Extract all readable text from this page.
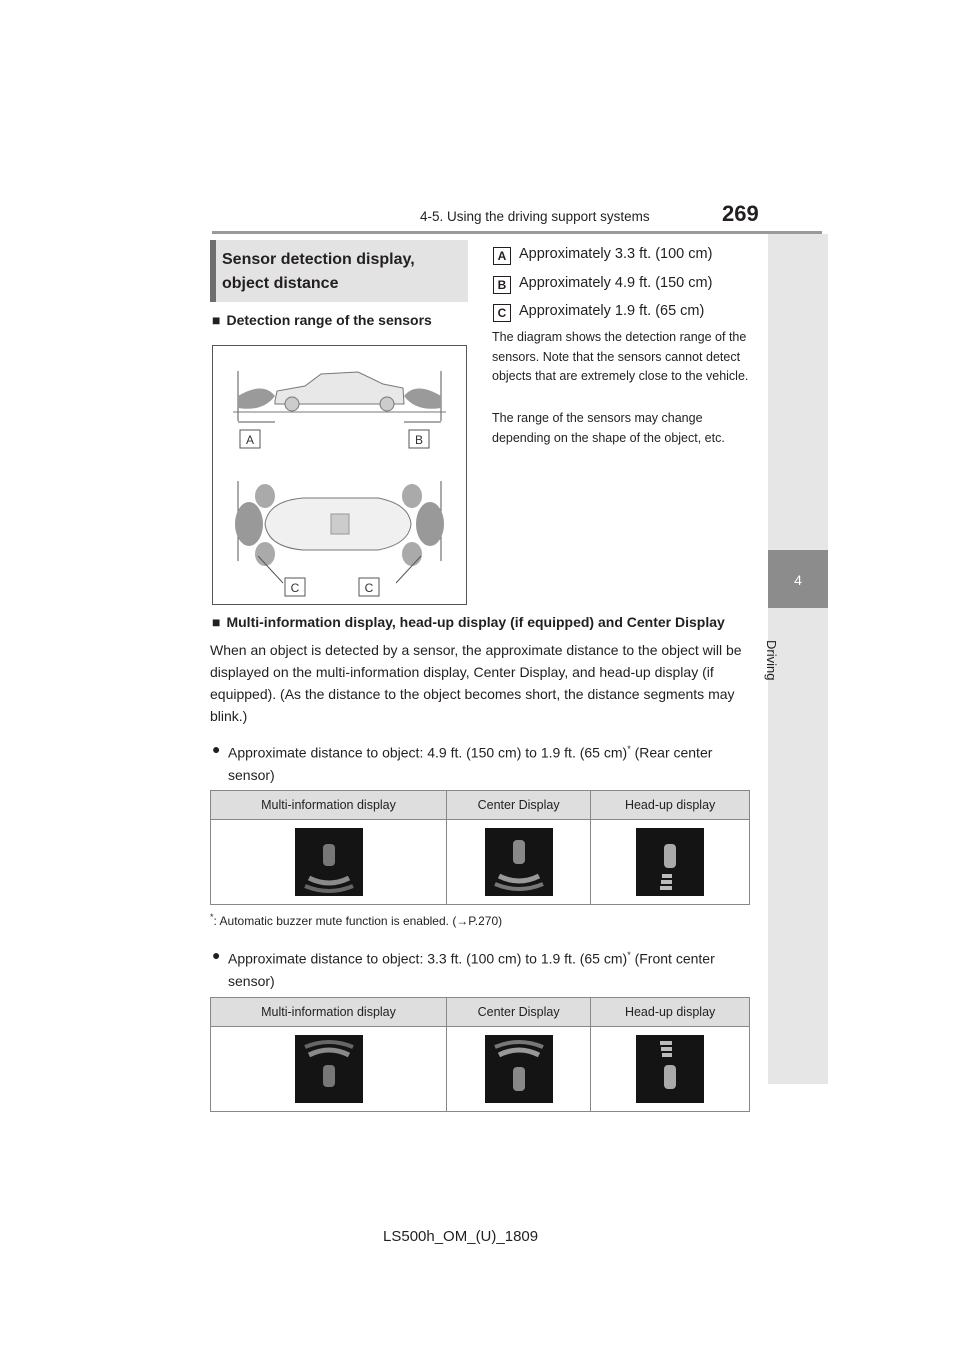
4-5. Using the driving support systems	269
4
Driving
Sensor detection display, object distance
■ Detection range of the sensors
A Approximately 3.3 ft. (100 cm)
B Approximately 4.9 ft. (150 cm)
C Approximately 1.9 ft. (65 cm)
The diagram shows the detection range of the sensors. Note that the sensors cannot detect objects that are extremely close to the vehicle.
The range of the sensors may change depending on the shape of the object, etc.
A	B
C	C
■ Multi-information display, head-up display (if equipped) and Center Display
When an object is detected by a sensor, the approximate distance to the object will be displayed on the multi-information display, Center Display, and head-up display (if equipped). (As the distance to the object becomes short, the distance segments may blink.)
● Approximate distance to object: 4.9 ft. (150 cm) to 1.9 ft. (65 cm)* (Rear center sensor)
Multi-information display	Center Display	Head-up display

*: Automatic buzzer mute function is enabled. (→P.270)
● Approximate distance to object: 3.3 ft. (100 cm) to 1.9 ft. (65 cm)* (Front center sensor)
Multi-information display	Center Display	Head-up display

LS500h_OM_(U)_1809
